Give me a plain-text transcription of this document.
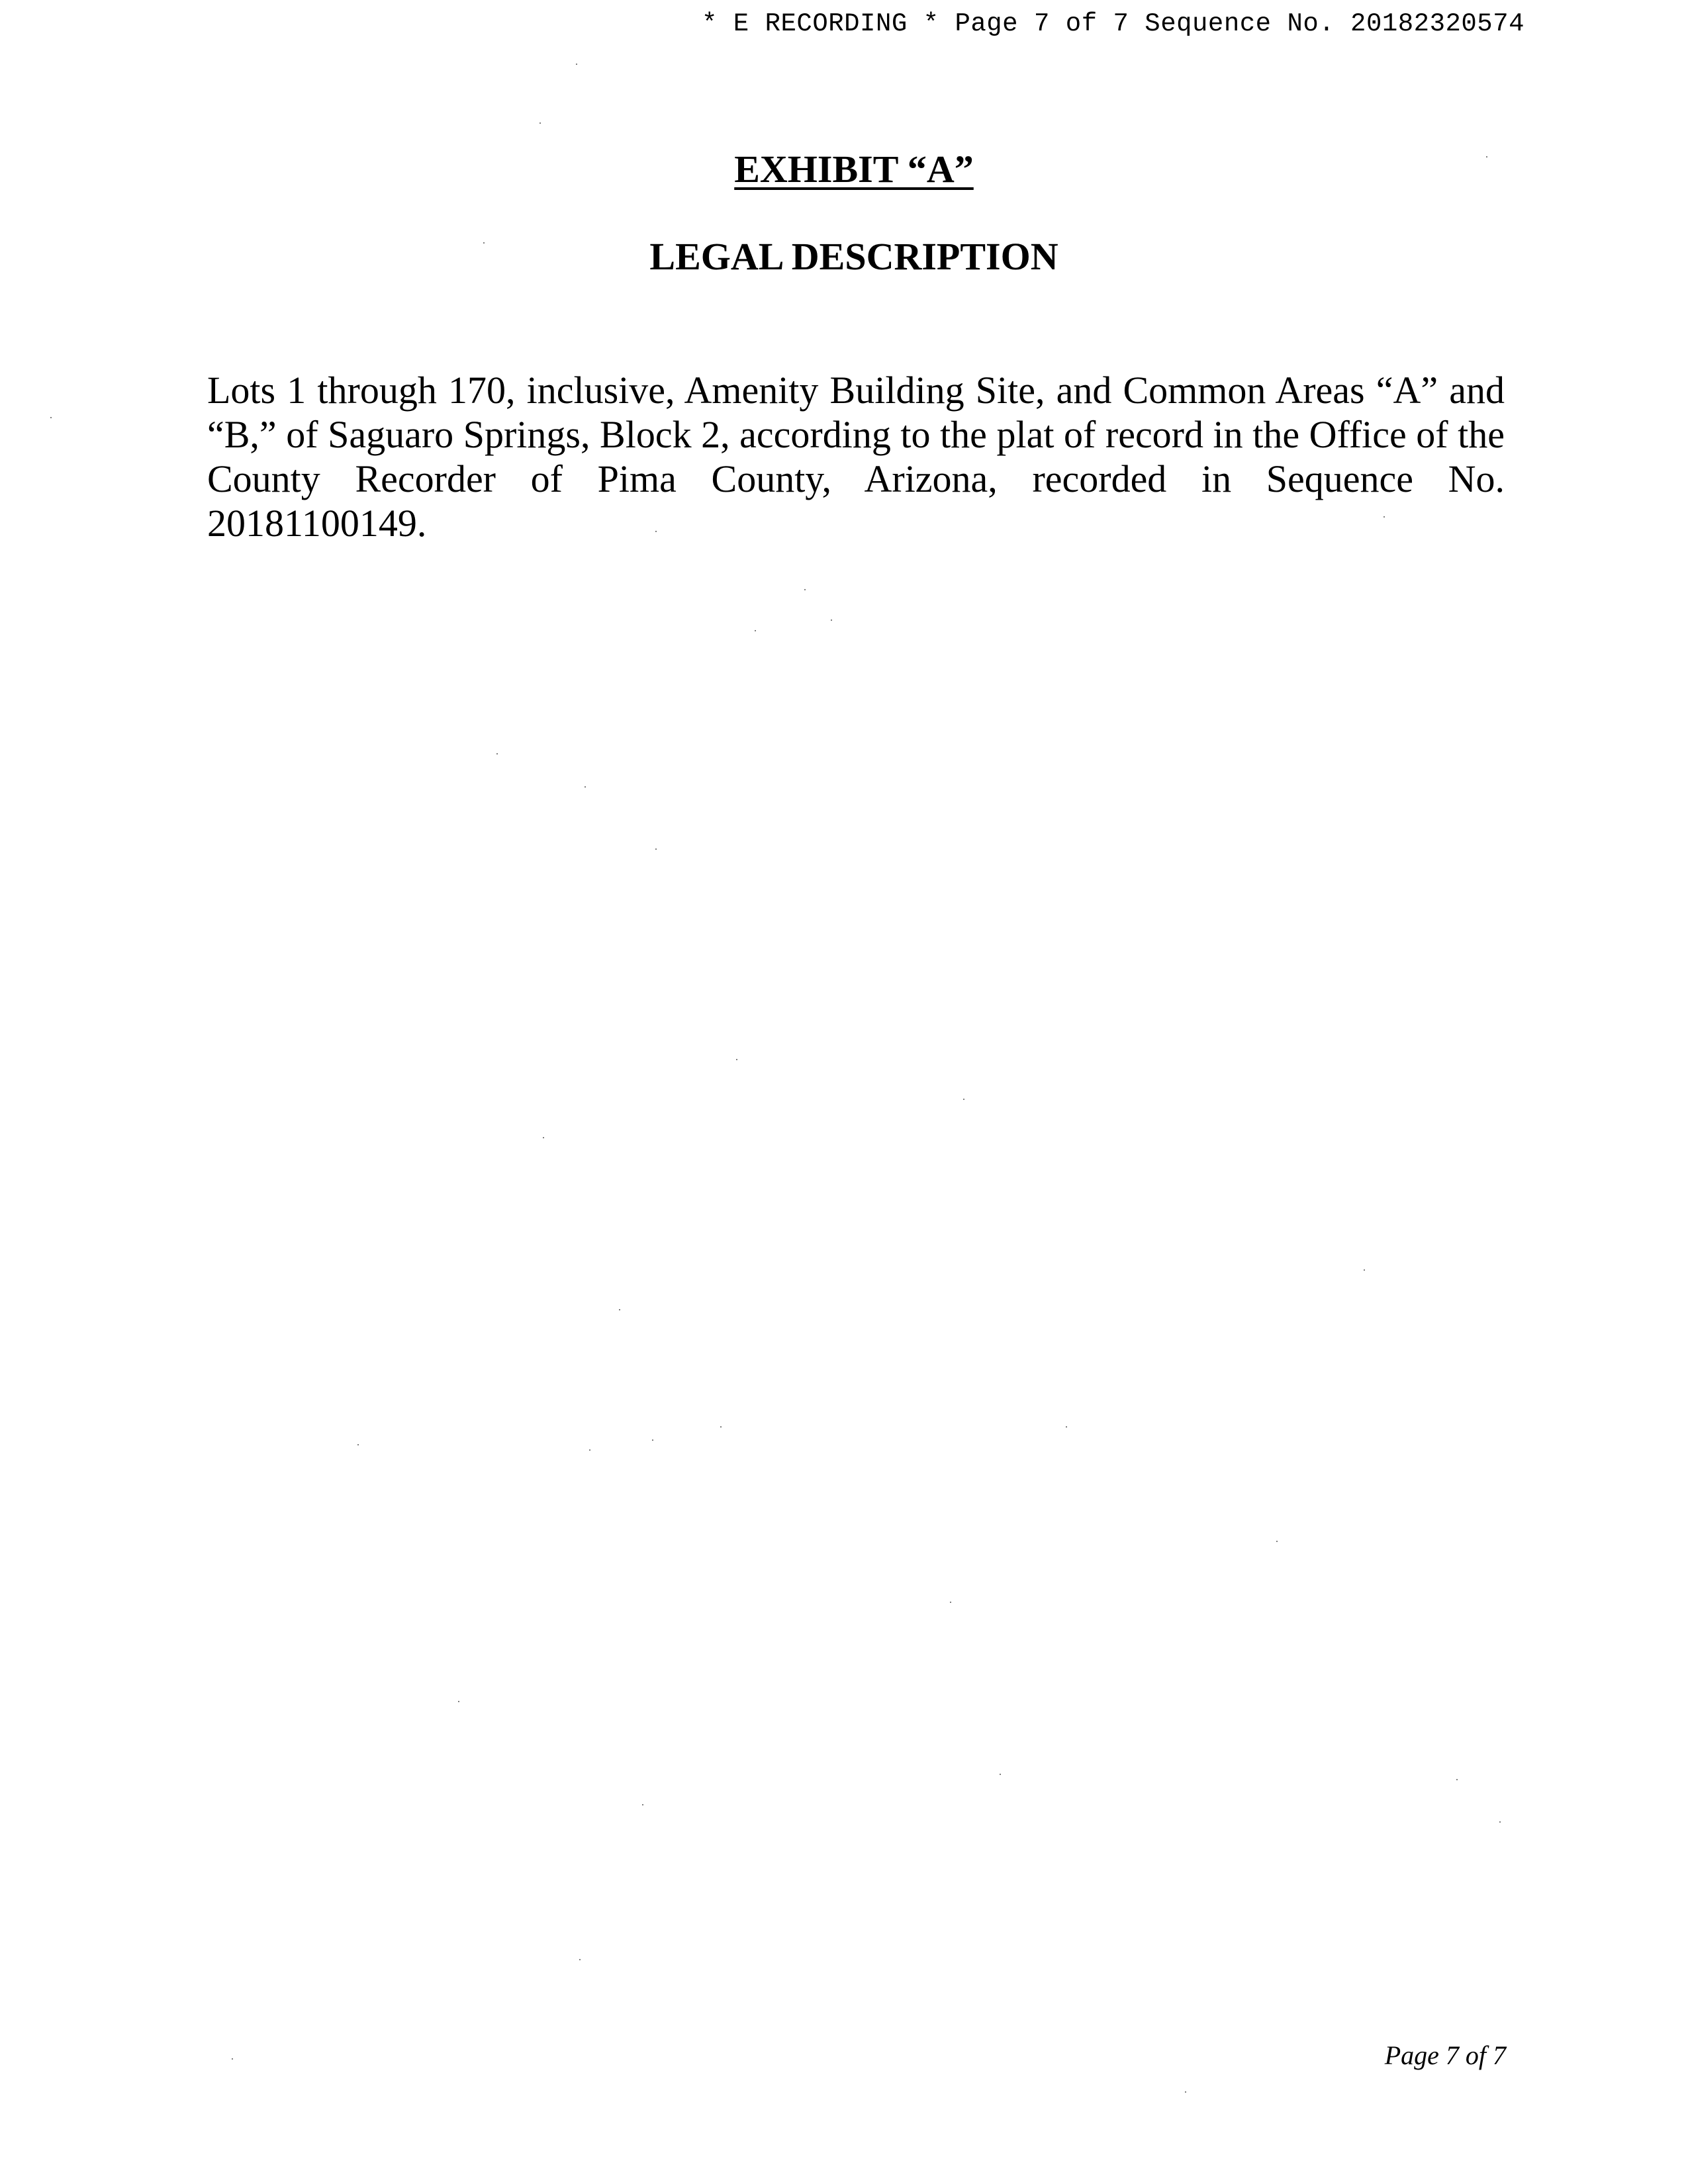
* E RECORDING * Page 7 of 7 Sequence No. 20182320574
EXHIBIT “A”
LEGAL DESCRIPTION

Lots 1 through 170, inclusive, Amenity Building Site, and Common Areas “A” and “B,” of Saguaro Springs, Block 2, according to the plat of record in the Office of the County Recorder of Pima County, Arizona, recorded in Sequence No. 20181100149.

Page 7 of 7
